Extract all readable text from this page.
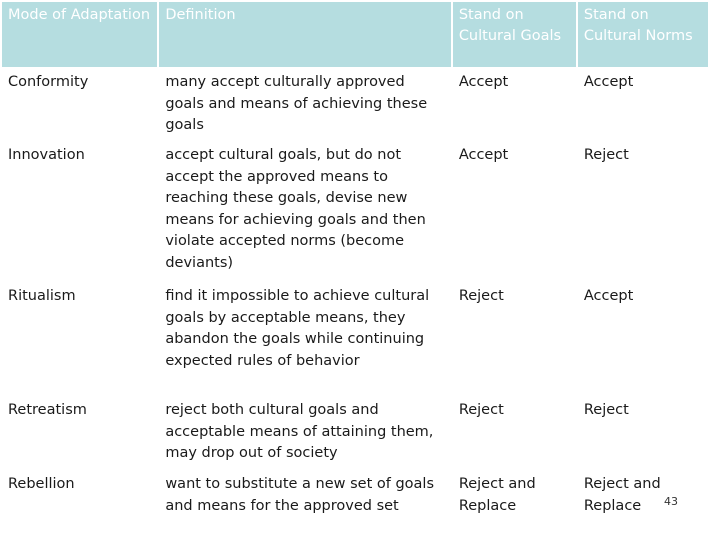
Mode of Adaptation	Definition	Stand on Cultural Goals	Stand on Cultural Norms
Conformity	many accept culturally approved goals and means of achieving these goals	Accept	Accept
Innovation	accept cultural goals, but do not accept the approved means to reaching these goals, devise new means for achieving goals and then violate accepted norms (become deviants)	Accept	Reject
Ritualism	find it impossible to achieve cultural goals by acceptable means, they abandon the goals while continuing expected rules of behavior	Reject	Accept
Retreatism	reject both cultural goals and acceptable means of attaining them, may drop out of society	Reject	Reject
Rebellion	want to substitute a new set of goals and means for the approved set	Reject and Replace	Reject and Replace 43
